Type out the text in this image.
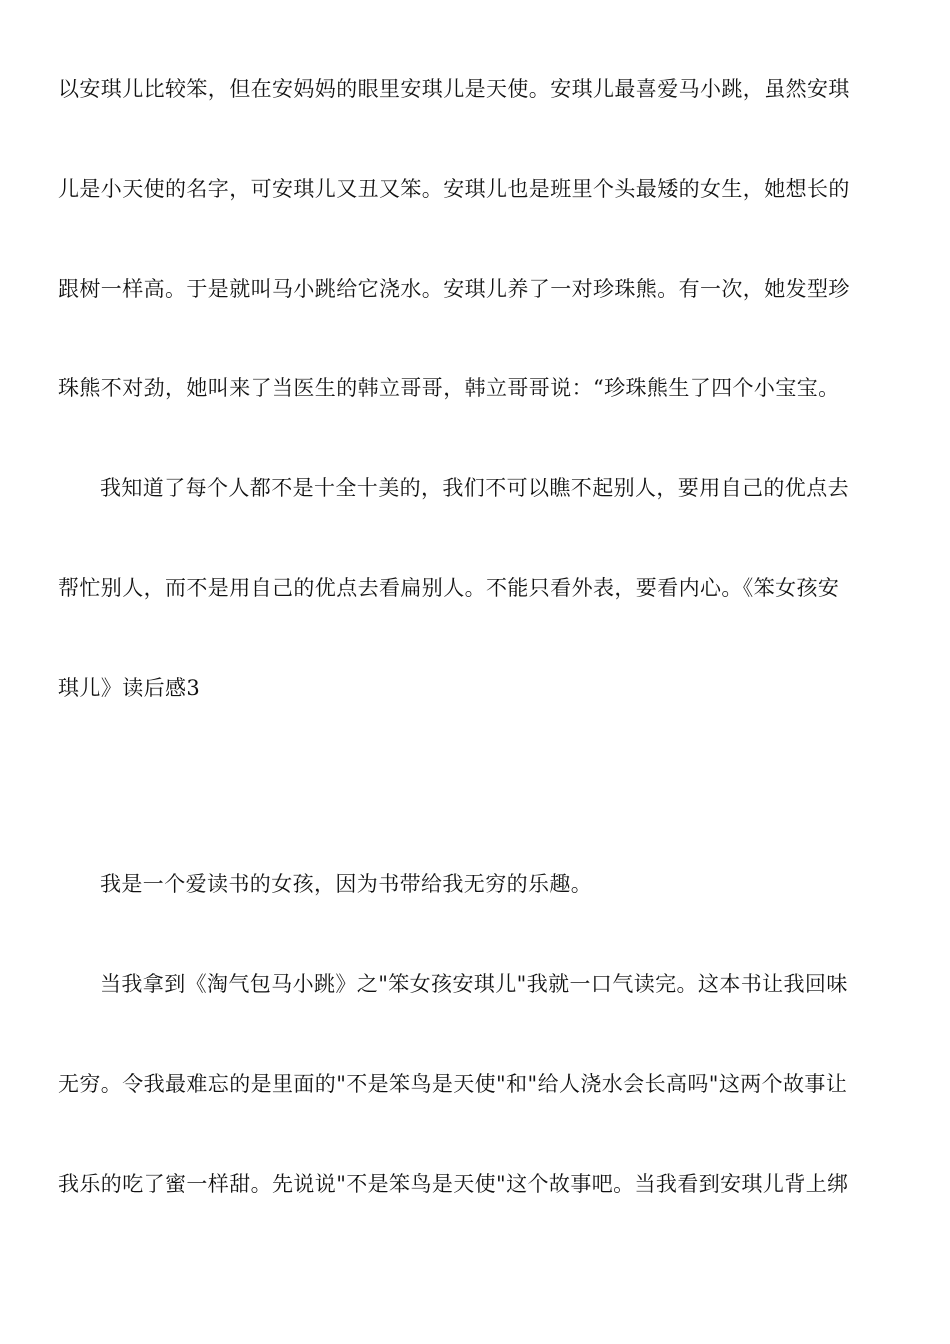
以安琪儿比较笨，但在安妈妈的眼里安琪儿是天使。安琪儿最喜爱马小跳，虽然安琪
儿是小天使的名字，可安琪儿又丑又笨。安琪儿也是班里个头最矮的女生，她想长的
跟树一样高。于是就叫马小跳给它浇水。安琪儿养了一对珍珠熊。有一次，她发型珍
珠熊不对劲，她叫来了当医生的韩立哥哥，韩立哥哥说：“珍珠熊生了四个小宝宝。
我知道了每个人都不是十全十美的，我们不可以瞧不起别人，要用自己的优点去
帮忙别人，而不是用自己的优点去看扁别人。不能只看外表，要看内心。《笨女孩安
琪儿》读后感3
我是一个爱读书的女孩，因为书带给我无穷的乐趣。
当我拿到《淘气包马小跳》之"笨女孩安琪儿"我就一口气读完。这本书让我回味
无穷。令我最难忘的是里面的"不是笨鸟是天使"和"给人浇水会长高吗"这两个故事让
我乐的吃了蜜一样甜。先说说"不是笨鸟是天使"这个故事吧。当我看到安琪儿背上绑
